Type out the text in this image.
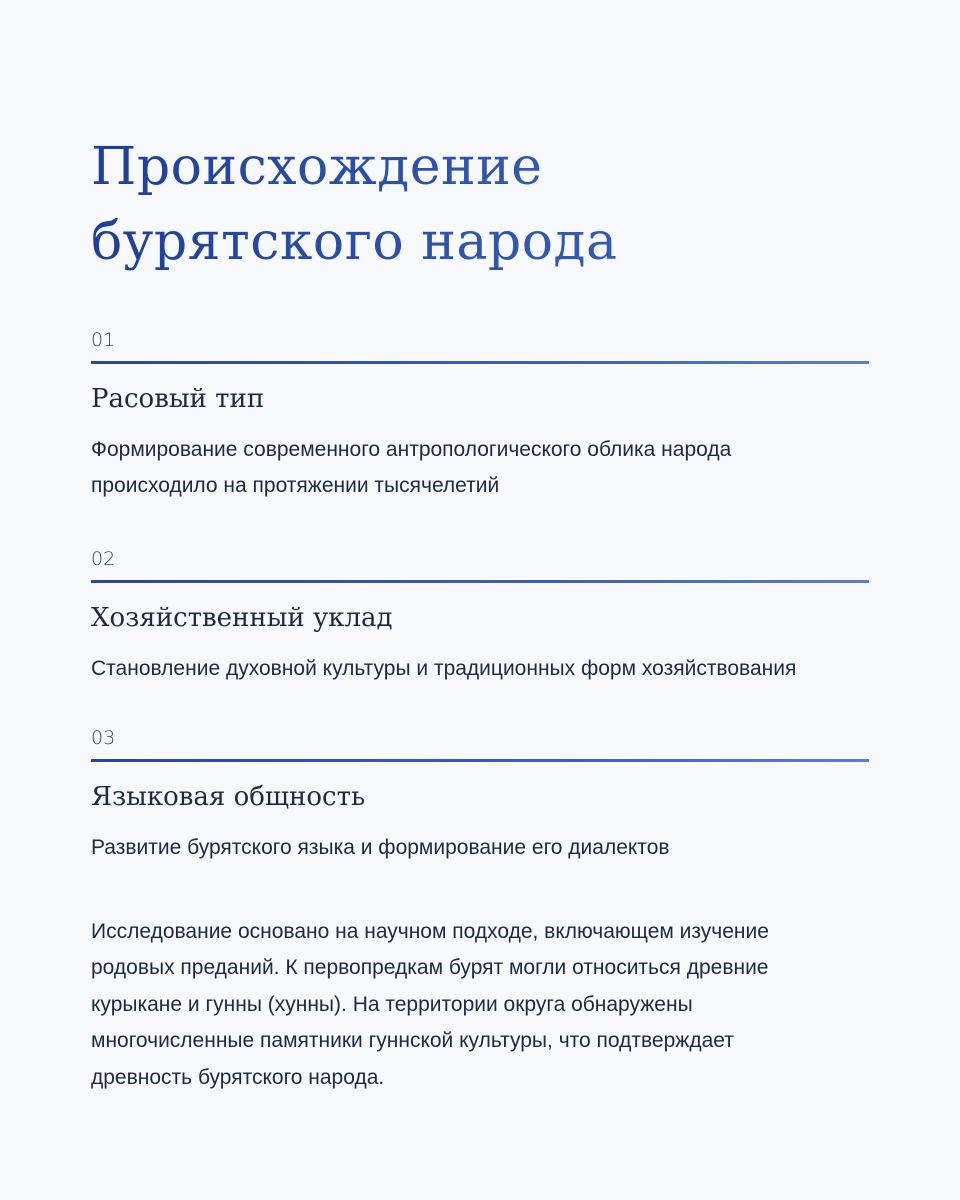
Происхождение
бурятского народа
01
Расовый тип

Формирование современного антропологического облика народа
происходило на протяжении тысячелетий

02
Хозяйственный уклад

Становление духовной культуры и традиционных форм хозяйствования

03
Языковая общность

Развитие бурятского языка и формирование его диалектов

Исследование основано на научном подходе, включающем изучение
родовых преданий. К первопредкам бурят могли относиться древние
курыкане и гунны (хунны). На территории округа обнаружены
многочисленные памятники гуннской культуры, что подтверждает
древность бурятского народа.
